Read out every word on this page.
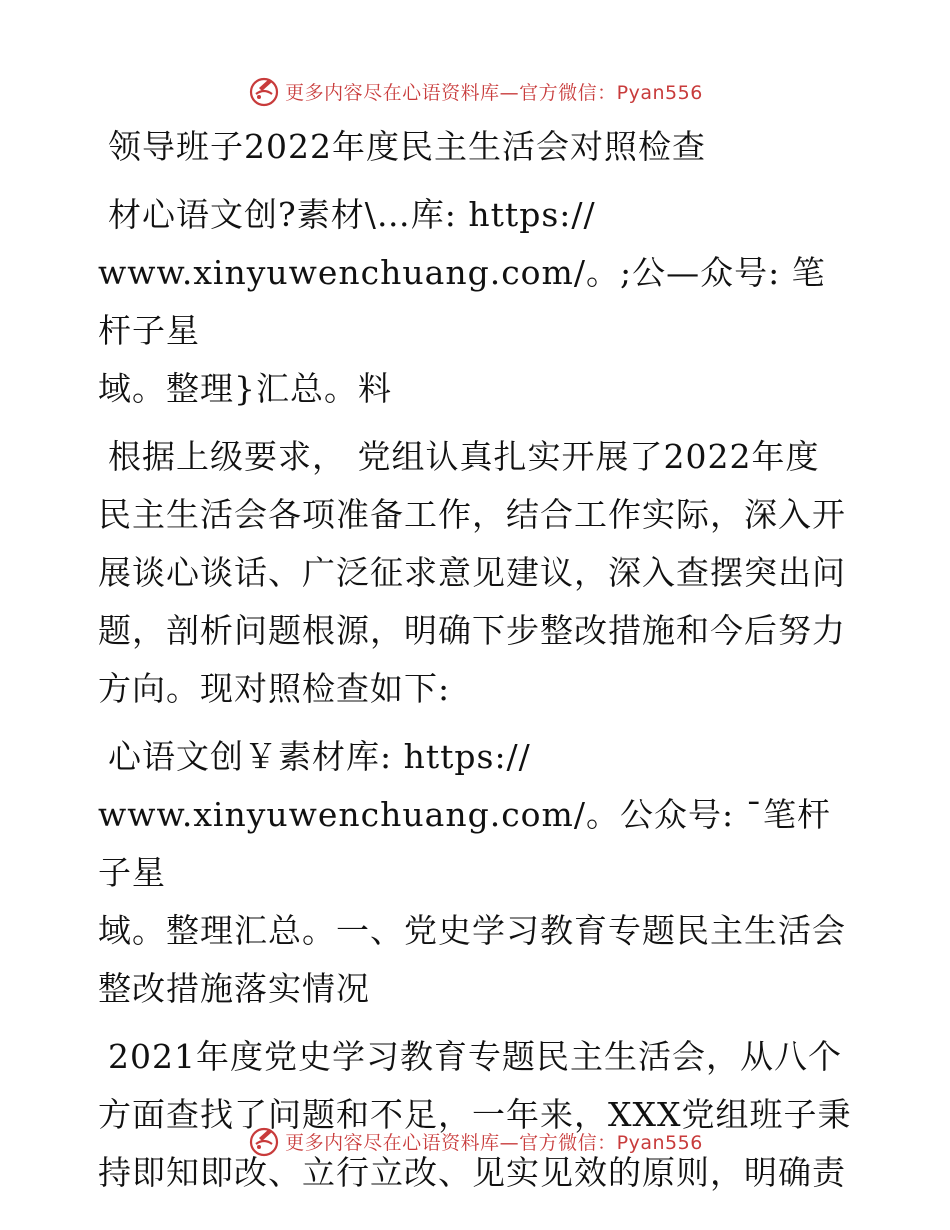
更多内容尽在心语资料库—官方微信：Pyan556

领导班子2022年度民主生活会对照检查

材心语文创?素材\…库: https://

www.xinyuwenchuang.com/。;公—众号: 笔杆子星

域。整理}汇总。料

根据上级要求， 党组认真扎实开展了2022年度

民主生活会各项准备工作，结合工作实际，深入开

展谈心谈话、广泛征求意见建议，深入查摆突出问

题，剖析问题根源，明确下步整改措施和今后努力

方向。现对照检查如下:

心语文创￥素材库: https://

www.xinyuwenchuang.com/。公众号: ¯笔杆子星

域。整理汇总。一、党史学习教育专题民主生活会

整改措施落实情况

2021年度党史学习教育专题民主生活会，从八个

方面查找了问题和不足，一年来，XXX党组班子秉

持即知即改、立行立改、见实见效的原则，明确责

更多内容尽在心语资料库—官方微信：Pyan556
